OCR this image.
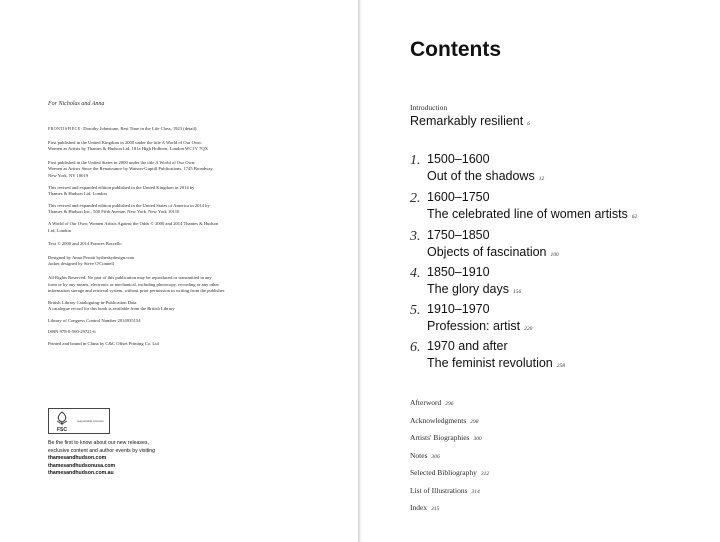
For Nicholas and Anna

FRONTISPIECE: Dorothy Johnstone, Rest Time in the Life Class, 1923 (detail).

First published in the United Kingdom in 2000 under the title A World of Our Own:
Women as Artists by Thames & Hudson Ltd, 181a High Holborn, London WC1V 7QX

First published in the United States in 2000 under the title A World of Our Own:
Women as Artists Since the Renaissance by Watson-Guptill Publications, 1745 Broadway,
New York, NY 10019

This revised and expanded edition published in the United Kingdom in 2014 by
Thames & Hudson Ltd, London

This revised and expanded edition published in the United States of America in 2014 by
Thames & Hudson Inc., 500 Fifth Avenue, New York, New York 10110

A World of Our Own: Women Artists Against the Odds © 2000 and 2014 Thames & Hudson
Ltd, London

Text © 2000 and 2014 Frances Borzello

Designed by Anna Perotti bytheskydesign.com
Jacket designed by Steve O'Connell

All Rights Reserved. No part of this publication may be reproduced or transmitted in any
form or by any means, electronic or mechanical, including photocopy, recording or any other
information storage and retrieval system, without prior permission in writing from the publisher.

British Library Cataloguing-in-Publication Data
A catalogue record for this book is available from the British Library

Library of Congress Control Number 2014935154

ISBN 978-0-500-29721-6

Printed and bound in China by C&C Offset Printing Co. Ltd

FSC
responsible sources
Be the first to know about our new releases,
exclusive content and author events by visiting
thamesandhudson.com
thamesandhudsonusa.com
thamesandhudson.com.au
Contents
Introduction
Remarkably resilient 6
1. 1500–1600
Out of the shadows 12
2. 1600–1750
The celebrated line of women artists 62
3. 1750–1850
Objects of fascination 100
4. 1850–1910
The glory days 156
5. 1910–1970
Profession: artist 220
6. 1970 and after
The feminist revolution 258
Afterword 296
Acknowledgments 298
Artists' Biographies 300
Notes 306
Selected Bibliography 312
List of Illustrations 314
Index 315
